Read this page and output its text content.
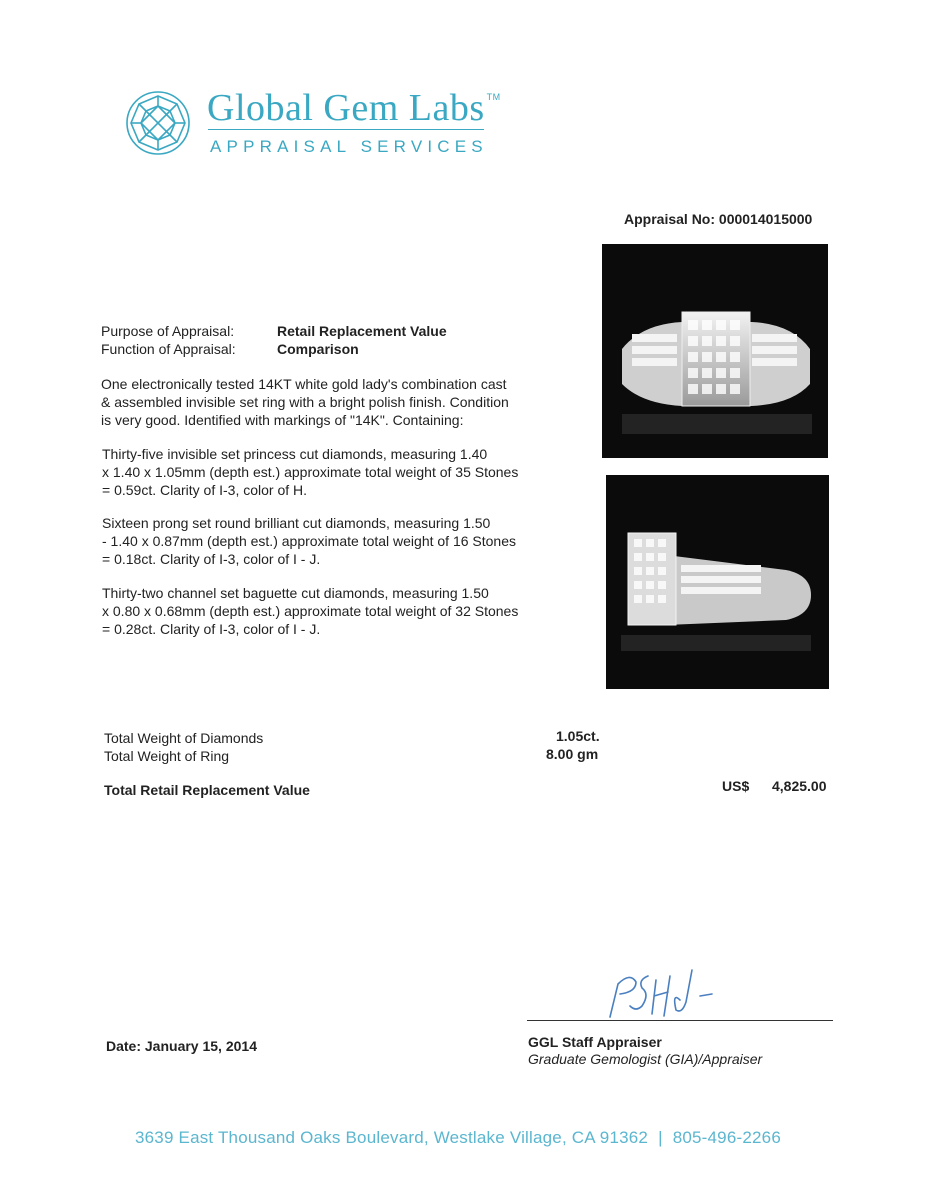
Global Gem Labs ™
APPRAISAL SERVICES
Appraisal No: 000014015000
Purpose of Appraisal:	Retail Replacement Value
Function of Appraisal:	Comparison
One electronically tested 14KT white gold lady's combination cast
& assembled invisible set ring with a bright polish finish. Condition
is very good. Identified with markings of "14K". Containing:
Thirty-five invisible set princess cut diamonds, measuring 1.40
x 1.40 x 1.05mm (depth est.) approximate total weight of 35 Stones
= 0.59ct. Clarity of I-3, color of H.
Sixteen prong set round brilliant cut diamonds, measuring 1.50
- 1.40 x 0.87mm (depth est.) approximate total weight of 16 Stones
= 0.18ct. Clarity of I-3, color of I - J.
Thirty-two channel set baguette cut diamonds, measuring 1.50
x 0.80 x 0.68mm (depth est.) approximate total weight of 32 Stones
= 0.28ct. Clarity of I-3, color of I - J.
Total Weight of Diamonds	1.05ct.
Total Weight of Ring	8.00 gm
Total Retail Replacement Value	US$ 4,825.00
GGL Staff Appraiser
Graduate Gemologist (GIA)/Appraiser
Date: January 15, 2014
3639 East Thousand Oaks Boulevard, Westlake Village, CA 91362 | 805-496-2266
